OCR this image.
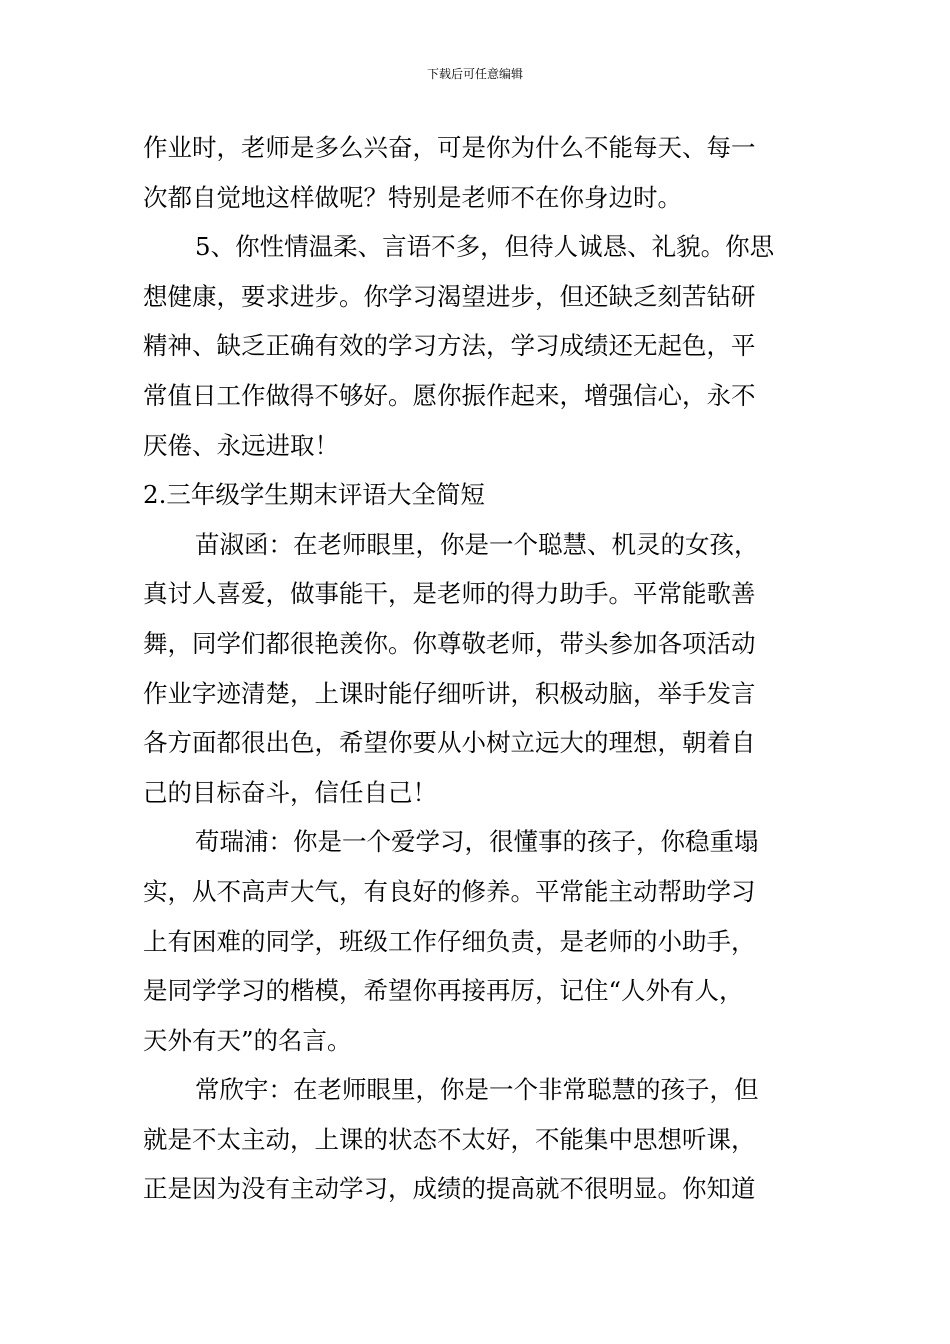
下载后可任意编辑
作业时，老师是多么兴奋，可是你为什么不能每天、每一
次都自觉地这样做呢？特别是老师不在你身边时。
5、你性情温柔、言语不多，但待人诚恳、礼貌。你思
想健康，要求进步。你学习渴望进步，但还缺乏刻苦钻研
精神、缺乏正确有效的学习方法，学习成绩还无起色，平
常值日工作做得不够好。愿你振作起来，增强信心，永不
厌倦、永远进取！
2.三年级学生期末评语大全简短
苗淑函：在老师眼里，你是一个聪慧、机灵的女孩，
真讨人喜爱，做事能干，是老师的得力助手。平常能歌善
舞，同学们都很艳羡你。你尊敬老师，带头参加各项活动
作业字迹清楚，上课时能仔细听讲，积极动脑，举手发言
各方面都很出色，希望你要从小树立远大的理想，朝着自
己的目标奋斗，信任自己！
荀瑞浦：你是一个爱学习，很懂事的孩子，你稳重塌
实，从不高声大气，有良好的修养。平常能主动帮助学习
上有困难的同学，班级工作仔细负责，是老师的小助手，
是同学学习的楷模，希望你再接再厉，记住“人外有人，
天外有天”的名言。
常欣宇：在老师眼里，你是一个非常聪慧的孩子，但
就是不太主动，上课的状态不太好，不能集中思想听课，
正是因为没有主动学习，成绩的提高就不很明显。你知道
